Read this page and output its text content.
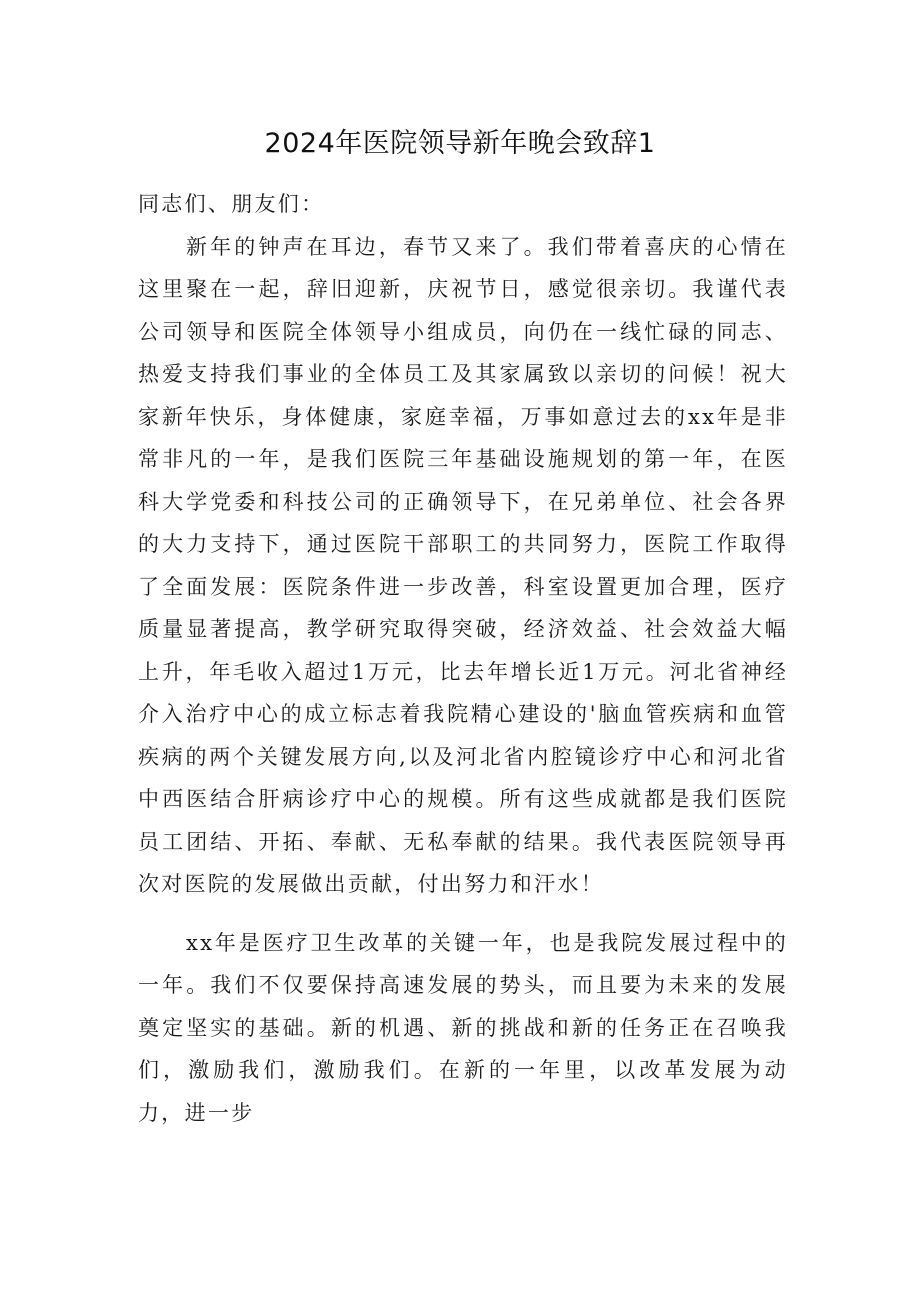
2024年医院领导新年晚会致辞1

同志们、朋友们：

新年的钟声在耳边，春节又来了。我们带着喜庆的心情在这里聚在一起，辞旧迎新，庆祝节日，感觉很亲切。我谨代表公司领导和医院全体领导小组成员，向仍在一线忙碌的同志、热爱支持我们事业的全体员工及其家属致以亲切的问候！祝大家新年快乐，身体健康，家庭幸福，万事如意过去的xx年是非常非凡的一年，是我们医院三年基础设施规划的第一年，在医科大学党委和科技公司的正确领导下，在兄弟单位、社会各界的大力支持下，通过医院干部职工的共同努力，医院工作取得了全面发展：医院条件进一步改善，科室设置更加合理，医疗质量显著提高，教学研究取得突破，经济效益、社会效益大幅上升，年毛收入超过1万元，比去年增长近1万元。河北省神经介入治疗中心的成立标志着我院精心建设的'脑血管疾病和血管疾病的两个关键发展方向,以及河北省内腔镜诊疗中心和河北省中西医结合肝病诊疗中心的规模。所有这些成就都是我们医院员工团结、开拓、奉献、无私奉献的结果。我代表医院领导再次对医院的发展做出贡献，付出努力和汗水！

xx年是医疗卫生改革的关键一年，也是我院发展过程中的一年。我们不仅要保持高速发展的势头，而且要为未来的发展奠定坚实的基础。新的机遇、新的挑战和新的任务正在召唤我们，激励我们，激励我们。在新的一年里，以改革发展为动力，进一步
